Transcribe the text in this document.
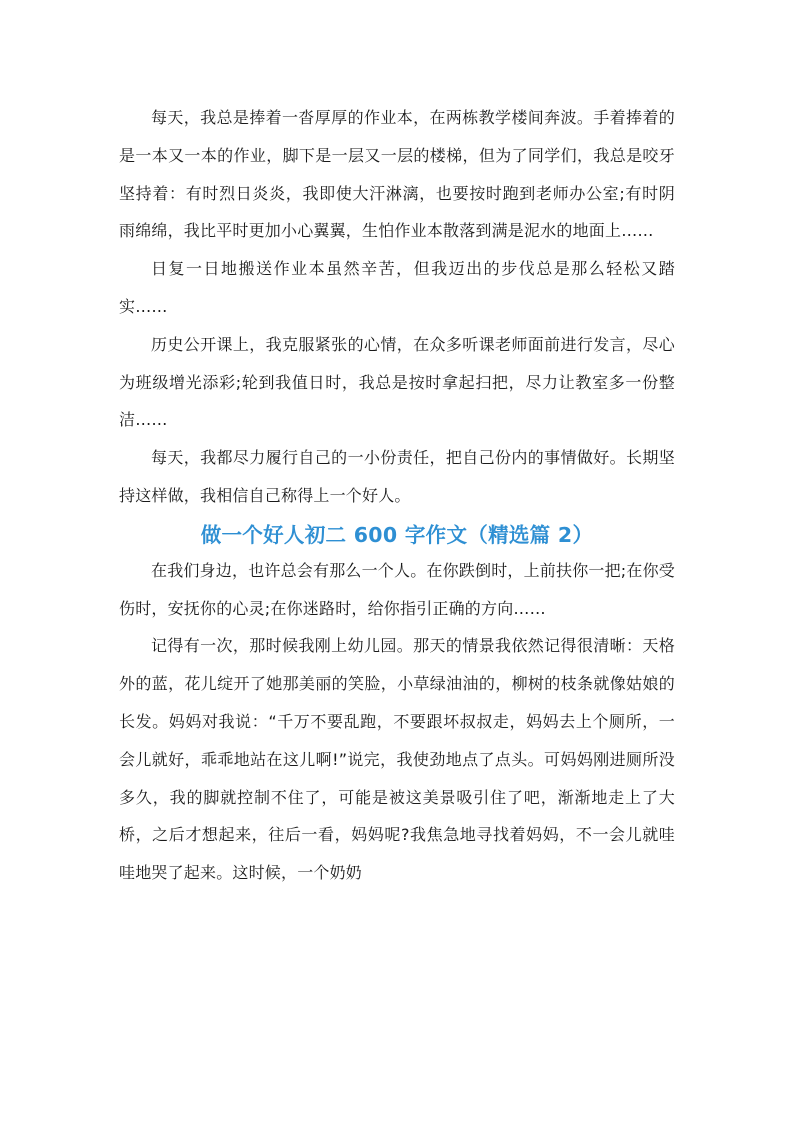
每天，我总是捧着一沓厚厚的作业本，在两栋教学楼间奔波。手着捧着的是一本又一本的作业，脚下是一层又一层的楼梯，但为了同学们，我总是咬牙坚持着：有时烈日炎炎，我即使大汗淋漓，也要按时跑到老师办公室;有时阴雨绵绵，我比平时更加小心翼翼，生怕作业本散落到满是泥水的地面上……

日复一日地搬送作业本虽然辛苦，但我迈出的步伐总是那么轻松又踏实……

历史公开课上，我克服紧张的心情，在众多听课老师面前进行发言，尽心为班级增光添彩;轮到我值日时，我总是按时拿起扫把，尽力让教室多一份整洁……

每天，我都尽力履行自己的一小份责任，把自己份内的事情做好。长期坚持这样做，我相信自己称得上一个好人。

做一个好人初二 600 字作文（精选篇 2）

在我们身边，也许总会有那么一个人。在你跌倒时，上前扶你一把;在你受伤时，安抚你的心灵;在你迷路时，给你指引正确的方向……

记得有一次，那时候我刚上幼儿园。那天的情景我依然记得很清晰：天格外的蓝，花儿绽开了她那美丽的笑脸，小草绿油油的，柳树的枝条就像姑娘的长发。妈妈对我说：“千万不要乱跑，不要跟坏叔叔走，妈妈去上个厕所，一会儿就好，乖乖地站在这儿啊!”说完，我使劲地点了点头。可妈妈刚进厕所没多久，我的脚就控制不住了，可能是被这美景吸引住了吧，渐渐地走上了大桥，之后才想起来，往后一看，妈妈呢?我焦急地寻找着妈妈，不一会儿就哇哇地哭了起来。这时候，一个奶奶
